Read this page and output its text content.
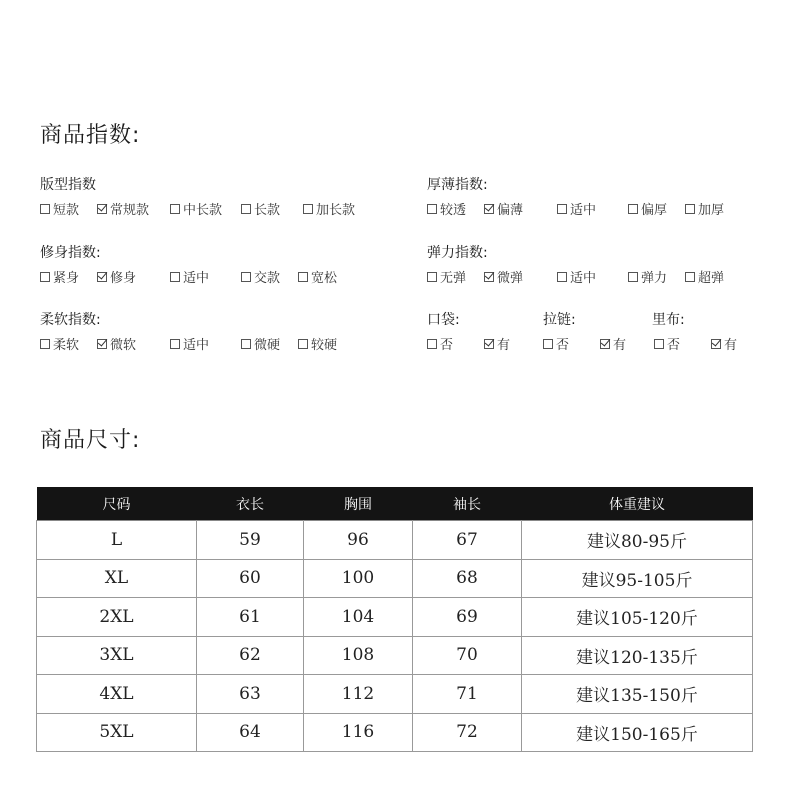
商品指数:
版型指数
短款 常规款	中长款 长款	加长款
厚薄指数:
较透 偏薄	适中	偏厚 加厚
修身指数:
紧身 修身	适中	交款 宽松
弹力指数:
无弹 微弹	适中	弹力 超弹
柔软指数:
柔软 微软	适中	微硬 较硬
口袋:
否	有
拉链:
否	有
里布:
否	有
商品尺寸:
尺码	衣长	胸围	袖长	体重建议
L	59	96	67	建议80-95斤
XL	60	100	68	建议95-105斤
2XL	61	104	69	建议105-120斤
3XL	62	108	70	建议120-135斤
4XL	63	112	71	建议135-150斤
5XL	64	116	72	建议150-165斤
